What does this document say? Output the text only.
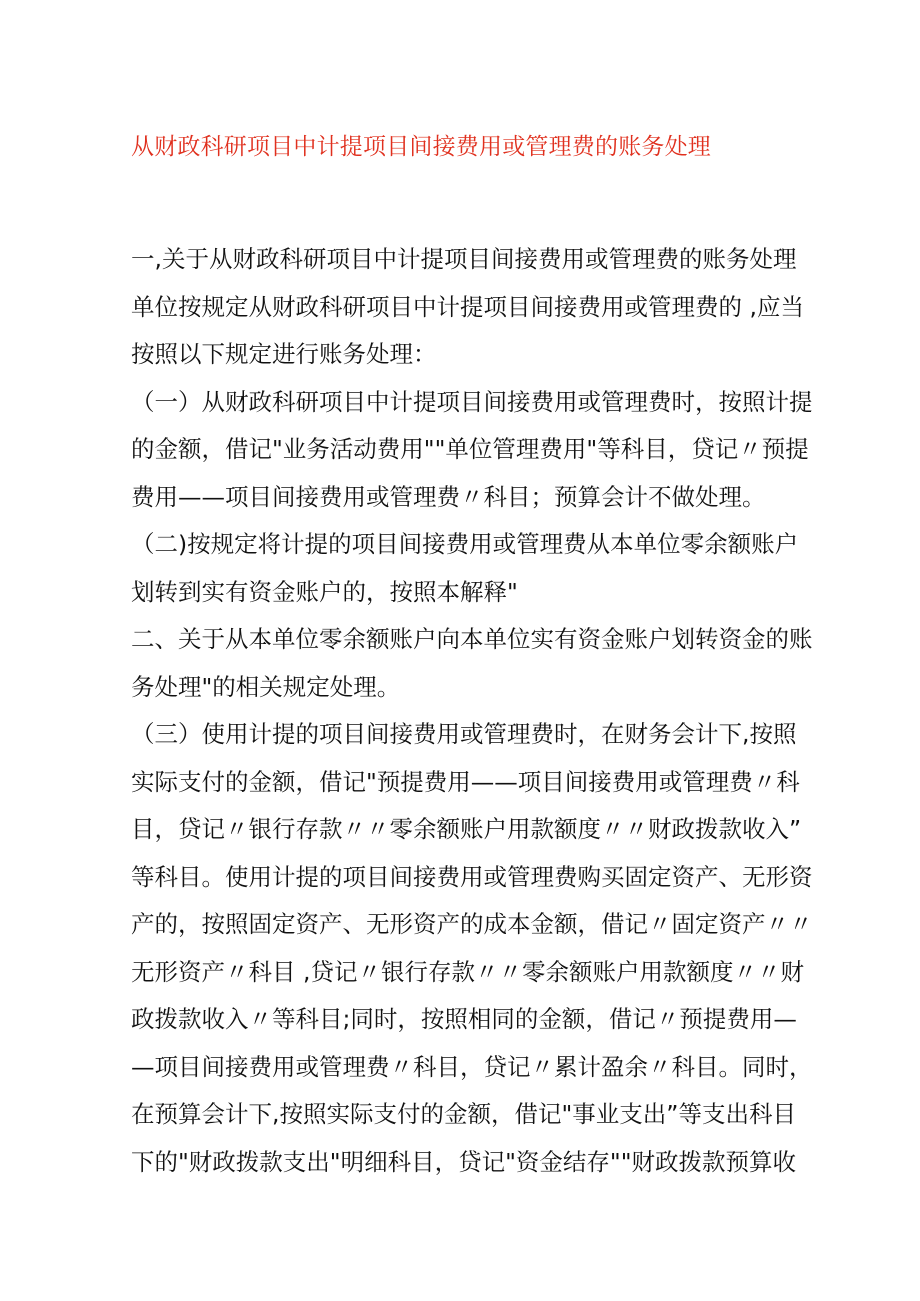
从财政科研项目中计提项目间接费用或管理费的账务处理
一,关于从财政科研项目中计提项目间接费用或管理费的账务处理
单位按规定从财政科研项目中计提项目间接费用或管理费的 ,应当
按照以下规定进行账务处理：
（一）从财政科研项目中计提项目间接费用或管理费时，按照计提
的金额，借记"业务活动费用""单位管理费用"等科目，贷记〃预提
费用——项目间接费用或管理费〃科目；预算会计不做处理。
（二)按规定将计提的项目间接费用或管理费从本单位零余额账户
划转到实有资金账户的，按照本解释"
二、关于从本单位零余额账户向本单位实有资金账户划转资金的账
务处理"的相关规定处理。
（三）使用计提的项目间接费用或管理费时，在财务会计下,按照
实际支付的金额，借记"预提费用——项目间接费用或管理费〃科
目，贷记〃银行存款〃〃零余额账户用款额度〃〃财政拨款收入”
等科目。使用计提的项目间接费用或管理费购买固定资产、无形资
产的，按照固定资产、无形资产的成本金额，借记〃固定资产〃〃
无形资产〃科目 ,贷记〃银行存款〃〃零余额账户用款额度〃〃财
政拨款收入〃等科目;同时，按照相同的金额，借记〃预提费用—
—项目间接费用或管理费〃科目，贷记〃累计盈余〃科目。同时，
在预算会计下,按照实际支付的金额，借记"事业支出”等支出科目
下的"财政拨款支出"明细科目，贷记"资金结存""财政拨款预算收
